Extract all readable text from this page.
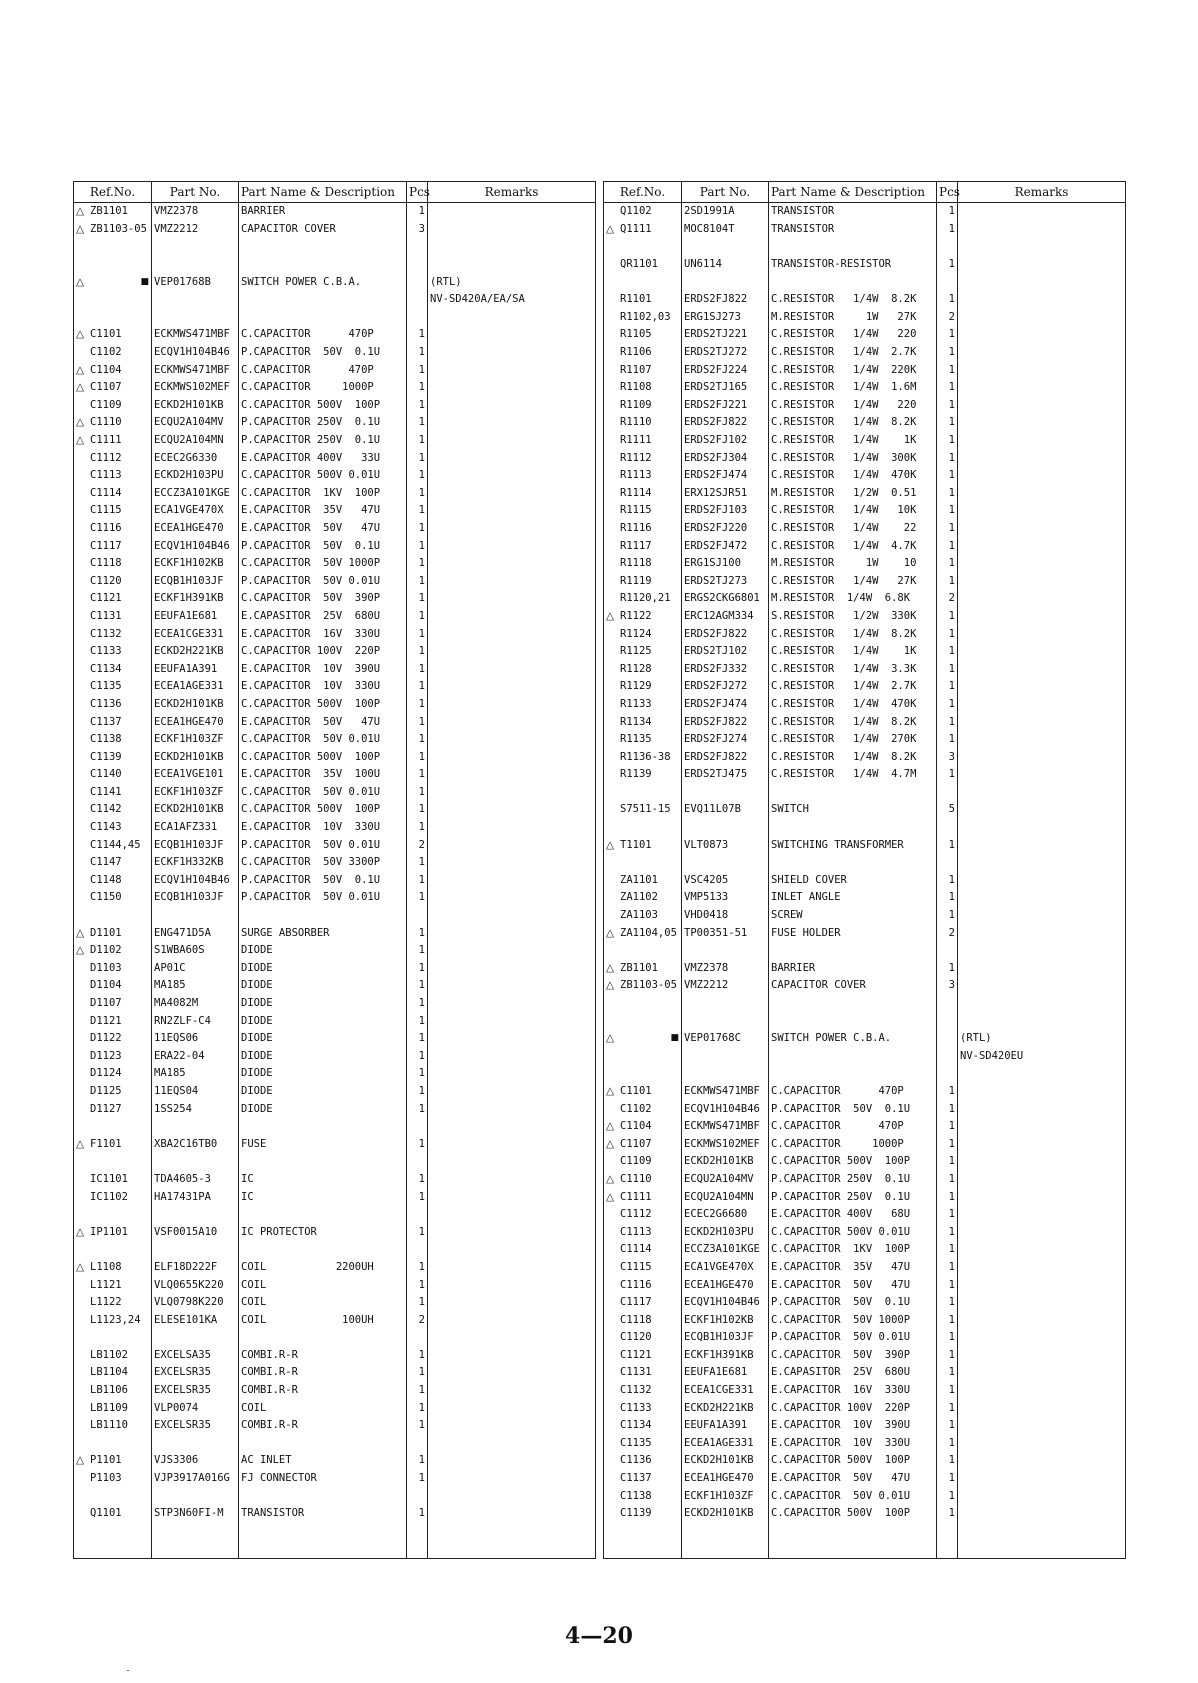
Ref.No.	Part No.	Part Name & Description	Pcs	Remarks
△ ZB1101	VMZ2378	BARRIER	1	
△ ZB1103-05	VMZ2212	CAPACITOR COVER	3	

△ ■	VEP01768B	SWITCH POWER C.B.A.		(RTL)
				NV-SD420A/EA/SA

△ C1101	ECKMWS471MBF	C.CAPACITOR      470P	1	
C1102	ECQV1H104B46	P.CAPACITOR  50V  0.1U	1	
△ C1104	ECKMWS471MBF	C.CAPACITOR      470P	1	
△ C1107	ECKMWS102MEF	C.CAPACITOR     1000P	1	
C1109	ECKD2H101KB	C.CAPACITOR 500V  100P	1	
△ C1110	ECQU2A104MV	P.CAPACITOR 250V  0.1U	1	
△ C1111	ECQU2A104MN	P.CAPACITOR 250V  0.1U	1	
C1112	ECEC2G6330	E.CAPACITOR 400V   33U	1	
C1113	ECKD2H103PU	C.CAPACITOR 500V 0.01U	1	
C1114	ECCZ3A101KGE	C.CAPACITOR  1KV  100P	1	
C1115	ECA1VGE470X	E.CAPACITOR  35V   47U	1	
C1116	ECEA1HGE470	E.CAPACITOR  50V   47U	1	
C1117	ECQV1H104B46	P.CAPACITOR  50V  0.1U	1	
C1118	ECKF1H102KB	C.CAPACITOR  50V 1000P	1	
C1120	ECQB1H103JF	P.CAPACITOR  50V 0.01U	1	
C1121	ECKF1H391KB	C.CAPACITOR  50V  390P	1	
C1131	EEUFA1E681	E.CAPASITOR  25V  680U	1	
C1132	ECEA1CGE331	E.CAPACITOR  16V  330U	1	
C1133	ECKD2H221KB	C.CAPACITOR 100V  220P	1	
C1134	EEUFA1A391	E.CAPACITOR  10V  390U	1	
C1135	ECEA1AGE331	E.CAPACITOR  10V  330U	1	
C1136	ECKD2H101KB	C.CAPACITOR 500V  100P	1	
C1137	ECEA1HGE470	E.CAPACITOR  50V   47U	1	
C1138	ECKF1H103ZF	C.CAPACITOR  50V 0.01U	1	
C1139	ECKD2H101KB	C.CAPACITOR 500V  100P	1	
C1140	ECEA1VGE101	E.CAPACITOR  35V  100U	1	
C1141	ECKF1H103ZF	C.CAPACITOR  50V 0.01U	1	
C1142	ECKD2H101KB	C.CAPACITOR 500V  100P	1	
C1143	ECA1AFZ331	E.CAPACITOR  10V  330U	1	
C1144,45	ECQB1H103JF	P.CAPACITOR  50V 0.01U	2	
C1147	ECKF1H332KB	C.CAPACITOR  50V 3300P	1	
C1148	ECQV1H104B46	P.CAPACITOR  50V  0.1U	1	
C1150	ECQB1H103JF	P.CAPACITOR  50V 0.01U	1	

△ D1101	ENG471D5A	SURGE ABSORBER	1	
△ D1102	S1WBA60S	DIODE	1	
D1103	AP01C	DIODE	1	
D1104	MA185	DIODE	1	
D1107	MA4082M	DIODE	1	
D1121	RN2ZLF-C4	DIODE	1	
D1122	11EQS06	DIODE	1	
D1123	ERA22-04	DIODE	1	
D1124	MA185	DIODE	1	
D1125	11EQS04	DIODE	1	
D1127	1SS254	DIODE	1	

△ F1101	XBA2C16TB0	FUSE	1	

IC1101	TDA4605-3	IC	1	
IC1102	HA17431PA	IC	1	

△ IP1101	VSF0015A10	IC PROTECTOR	1	

△ L1108	ELF18D222F	COIL           2200UH	1	
L1121	VLQ0655K220	COIL	1	
L1122	VLQ0798K220	COIL	1	
L1123,24	ELESE101KA	COIL            100UH	2	

LB1102	EXCELSA35	COMBI.R-R	1	
LB1104	EXCELSR35	COMBI.R-R	1	
LB1106	EXCELSR35	COMBI.R-R	1	
LB1109	VLP0074	COIL	1	
LB1110	EXCELSR35	COMBI.R-R	1	

△ P1101	VJS3306	AC INLET	1	
P1103	VJP3917A016G	FJ CONNECTOR	1	

Q1101	STP3N60FI-M	TRANSISTOR	1	

Ref.No.	Part No.	Part Name & Description	Pcs	Remarks
Q1102	2SD1991A	TRANSISTOR	1	
△ Q1111	MOC8104T	TRANSISTOR	1	

QR1101	UN6114	TRANSISTOR-RESISTOR	1	

R1101	ERDS2FJ822	C.RESISTOR   1/4W  8.2K	1	
R1102,03	ERG1SJ273	M.RESISTOR     1W   27K	2	
R1105	ERDS2TJ221	C.RESISTOR   1/4W   220	1	
R1106	ERDS2TJ272	C.RESISTOR   1/4W  2.7K	1	
R1107	ERDS2FJ224	C.RESISTOR   1/4W  220K	1	
R1108	ERDS2TJ165	C.RESISTOR   1/4W  1.6M	1	
R1109	ERDS2FJ221	C.RESISTOR   1/4W   220	1	
R1110	ERDS2FJ822	C.RESISTOR   1/4W  8.2K	1	
R1111	ERDS2FJ102	C.RESISTOR   1/4W    1K	1	
R1112	ERDS2FJ304	C.RESISTOR   1/4W  300K	1	
R1113	ERDS2FJ474	C.RESISTOR   1/4W  470K	1	
R1114	ERX12SJR51	M.RESISTOR   1/2W  0.51	1	
R1115	ERDS2FJ103	C.RESISTOR   1/4W   10K	1	
R1116	ERDS2FJ220	C.RESISTOR   1/4W    22	1	
R1117	ERDS2FJ472	C.RESISTOR   1/4W  4.7K	1	
R1118	ERG1SJ100	M.RESISTOR     1W    10	1	
R1119	ERDS2TJ273	C.RESISTOR   1/4W   27K	1	
R1120,21	ERGS2CKG6801	M.RESISTOR  1/4W  6.8K	2	
△ R1122	ERC12AGM334	S.RESISTOR   1/2W  330K	1	
R1124	ERDS2FJ822	C.RESISTOR   1/4W  8.2K	1	
R1125	ERDS2TJ102	C.RESISTOR   1/4W    1K	1	
R1128	ERDS2FJ332	C.RESISTOR   1/4W  3.3K	1	
R1129	ERDS2FJ272	C.RESISTOR   1/4W  2.7K	1	
R1133	ERDS2FJ474	C.RESISTOR   1/4W  470K	1	
R1134	ERDS2FJ822	C.RESISTOR   1/4W  8.2K	1	
R1135	ERDS2FJ274	C.RESISTOR   1/4W  270K	1	
R1136-38	ERDS2FJ822	C.RESISTOR   1/4W  8.2K	3	
R1139	ERDS2TJ475	C.RESISTOR   1/4W  4.7M	1	

S7511-15	EVQ11L07B	SWITCH	5	

△ T1101	VLT0873	SWITCHING TRANSFORMER	1	

ZA1101	VSC4205	SHIELD COVER	1	
ZA1102	VMP5133	INLET ANGLE	1	
ZA1103	VHD0418	SCREW	1	
△ ZA1104,05	TP00351-51	FUSE HOLDER	2	

△ ZB1101	VMZ2378	BARRIER	1	
△ ZB1103-05	VMZ2212	CAPACITOR COVER	3	

△ ■	VEP01768C	SWITCH POWER C.B.A.		(RTL)
				NV-SD420EU

△ C1101	ECKMWS471MBF	C.CAPACITOR      470P	1	
C1102	ECQV1H104B46	P.CAPACITOR  50V  0.1U	1	
△ C1104	ECKMWS471MBF	C.CAPACITOR      470P	1	
△ C1107	ECKMWS102MEF	C.CAPACITOR     1000P	1	
C1109	ECKD2H101KB	C.CAPACITOR 500V  100P	1	
△ C1110	ECQU2A104MV	P.CAPACITOR 250V  0.1U	1	
△ C1111	ECQU2A104MN	P.CAPACITOR 250V  0.1U	1	
C1112	ECEC2G6680	E.CAPACITOR 400V   68U	1	
C1113	ECKD2H103PU	C.CAPACITOR 500V 0.01U	1	
C1114	ECCZ3A101KGE	C.CAPACITOR  1KV  100P	1	
C1115	ECA1VGE470X	E.CAPACITOR  35V   47U	1	
C1116	ECEA1HGE470	E.CAPACITOR  50V   47U	1	
C1117	ECQV1H104B46	P.CAPACITOR  50V  0.1U	1	
C1118	ECKF1H102KB	C.CAPACITOR  50V 1000P	1	
C1120	ECQB1H103JF	P.CAPACITOR  50V 0.01U	1	
C1121	ECKF1H391KB	C.CAPACITOR  50V  390P	1	
C1131	EEUFA1E681	E.CAPASITOR  25V  680U	1	
C1132	ECEA1CGE331	E.CAPACITOR  16V  330U	1	
C1133	ECKD2H221KB	C.CAPACITOR 100V  220P	1	
C1134	EEUFA1A391	E.CAPACITOR  10V  390U	1	
C1135	ECEA1AGE331	E.CAPACITOR  10V  330U	1	
C1136	ECKD2H101KB	C.CAPACITOR 500V  100P	1	
C1137	ECEA1HGE470	E.CAPACITOR  50V   47U	1	
C1138	ECKF1H103ZF	C.CAPACITOR  50V 0.01U	1	
C1139	ECKD2H101KB	C.CAPACITOR 500V  100P	1	

4—20
